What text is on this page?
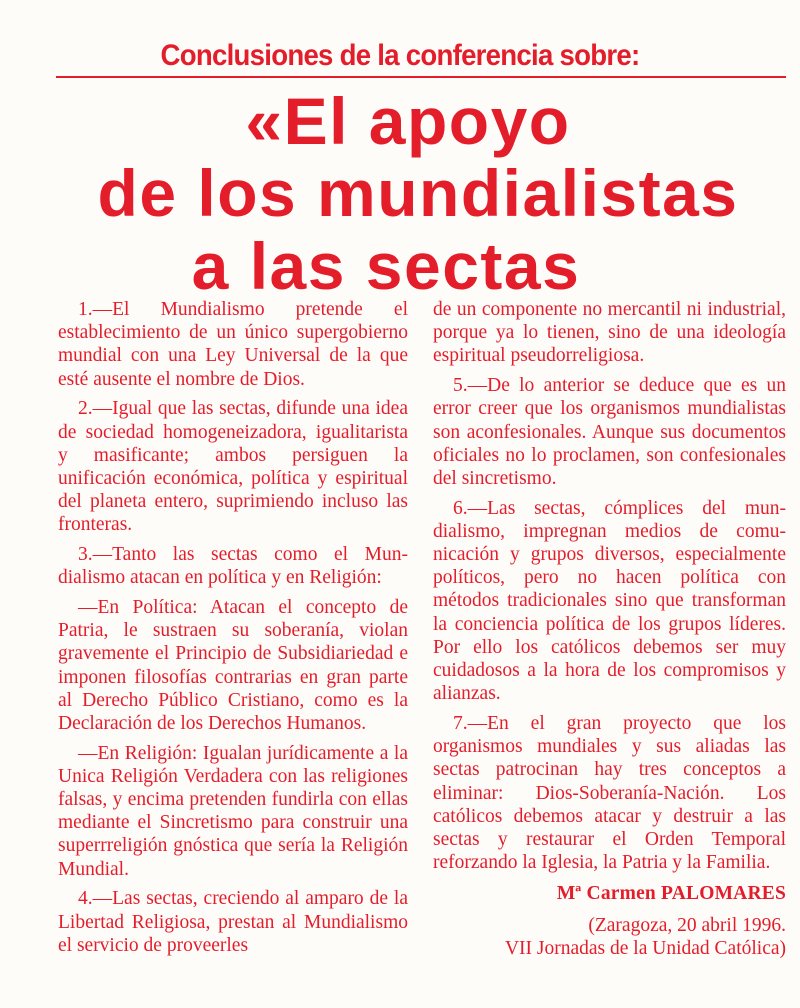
Conclusiones de la conferencia sobre:
«El apoyo
de los mundialistas
a las sectas

1.—El Mundialismo pretende el establecimiento de un único supergobierno mundial con una Ley Universal de la que esté ausente el nombre de Dios.

2.—Igual que las sectas, difunde una idea de sociedad homogeneizadora, igualitarista y masificante; ambos persiguen la unificación económica, política y espiritual del planeta entero, suprimiendo incluso las fronteras.

3.—Tanto las sectas como el Mundialismo atacan en política y en Religión:

—En Política: Atacan el concepto de Patria, le sustraen su soberanía, violan gravemente el Principio de Subsidiariedad e imponen filosofías contrarias en gran parte al Derecho Público Cristiano, como es la Declaración de los Derechos Humanos.

—En Religión: Igualan jurídicamente a la Unica Religión Verdadera con las religiones falsas, y encima pretenden fundirla con ellas mediante el Sincretismo para construir una superrreligión gnóstica que sería la Religión Mundial.

4.—Las sectas, creciendo al amparo de la Libertad Religiosa, prestan al Mundialismo el servicio de proveerles

de un componente no mercantil ni industrial, porque ya lo tienen, sino de una ideología espiritual pseudorreligiosa.

5.—De lo anterior se deduce que es un error creer que los organismos mundialistas son aconfesionales. Aunque sus documentos oficiales no lo proclamen, son confesionales del sincretismo.

6.—Las sectas, cómplices del mundialismo, impregnan medios de comunicación y grupos diversos, especialmente políticos, pero no hacen política con métodos tradicionales sino que transforman la conciencia política de los grupos líderes. Por ello los católicos debemos ser muy cuidadosos a la hora de los compromisos y alianzas.

7.—En el gran proyecto que los organismos mundiales y sus aliadas las sectas patrocinan hay tres conceptos a eliminar: Dios-Soberanía-Nación. Los católicos debemos atacar y destruir a las sectas y restaurar el Orden Temporal reforzando la Iglesia, la Patria y la Familia.

Mª Carmen PALOMARES

(Zaragoza, 20 abril 1996.

VII Jornadas de la Unidad Católica)
